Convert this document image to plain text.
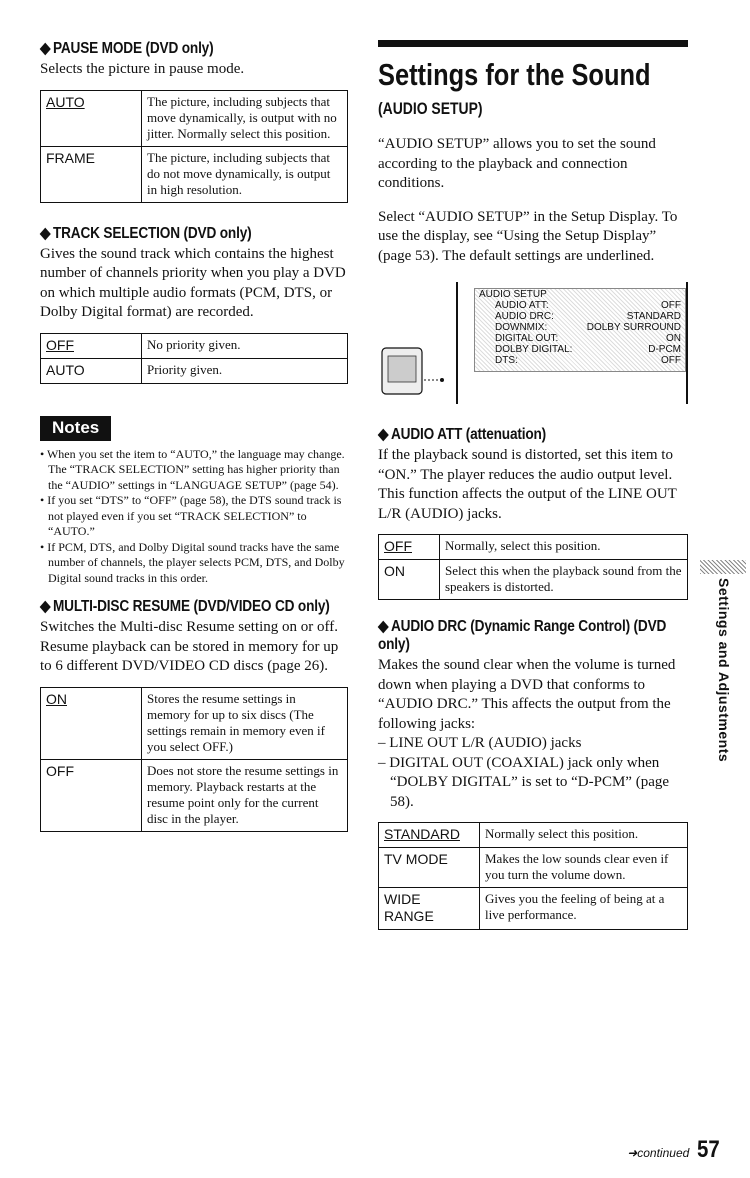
◆ PAUSE MODE (DVD only)

Selects the picture in pause mode.

AUTO	The picture, including subjects that move dynamically, is output with no jitter. Normally select this position.
FRAME	The picture, including subjects that do not move dynamically, is output in high resolution.
◆ TRACK SELECTION (DVD only)

Gives the sound track which contains the highest number of channels priority when you play a DVD on which multiple audio formats (PCM, DTS, or Dolby Digital format) are recorded.

OFF	No priority given.
AUTO	Priority given.
Notes
• When you set the item to “AUTO,” the language may change. The “TRACK SELECTION” setting has higher priority than the “AUDIO” settings in “LANGUAGE SETUP” (page 54).
• If you set “DTS” to “OFF” (page 58), the DTS sound track is not played even if you set “TRACK SELECTION” to “AUTO.”
• If PCM, DTS, and Dolby Digital sound tracks have the same number of channels, the player selects PCM, DTS, and Dolby Digital sound tracks in this order.
◆ MULTI-DISC RESUME (DVD/VIDEO CD only)

Switches the Multi-disc Resume setting on or off. Resume playback can be stored in memory for up to 6 different DVD/VIDEO CD discs (page 26).

ON	Stores the resume settings in memory for up to six discs (The settings remain in memory even if you select OFF.)
OFF	Does not store the resume settings in memory. Playback restarts at the resume point only for the current disc in the player.
Settings for the Sound
(AUDIO SETUP)

“AUDIO SETUP” allows you to set the sound according to the playback and connection conditions.

Select “AUDIO SETUP” in the Setup Display. To use the display, see “Using the Setup Display” (page 53). The default settings are underlined.

AUDIO SETUP
AUDIO ATT:	OFF
AUDIO DRC:	STANDARD
DOWNMIX:	DOLBY SURROUND
DIGITAL OUT:	ON
DOLBY DIGITAL:	D-PCM
DTS:	OFF
◆ AUDIO ATT (attenuation)

If the playback sound is distorted, set this item to “ON.” The player reduces the audio output level. This function affects the output of the LINE OUT L/R (AUDIO) jacks.

OFF	Normally, select this position.
ON	Select this when the playback sound from the speakers is distorted.
◆ AUDIO DRC (Dynamic Range Control) (DVD only)

Makes the sound clear when the volume is turned down when playing a DVD that conforms to “AUDIO DRC.” This affects the output from the following jacks:

– LINE OUT L/R (AUDIO) jacks

– DIGITAL OUT (COAXIAL) jack only when “DOLBY DIGITAL” is set to “D-PCM” (page 58).

STANDARD	Normally select this position.
TV MODE	Makes the low sounds clear even if you turn the volume down.
WIDE RANGE	Gives you the feeling of being at a live performance.
Settings and Adjustments
➜continued 57
